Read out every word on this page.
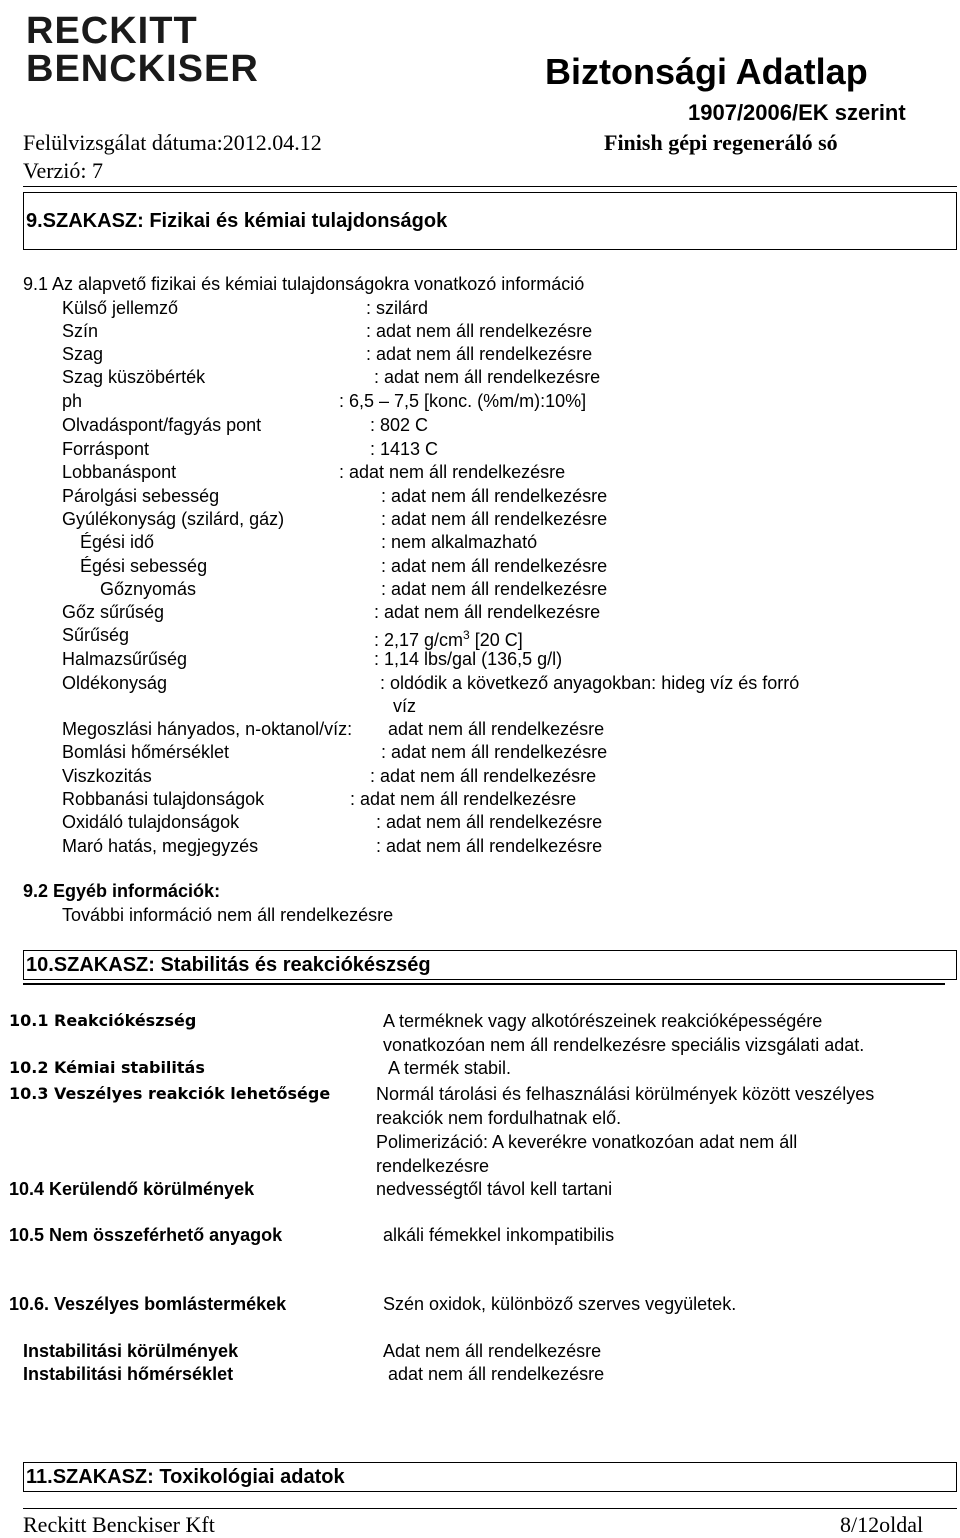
RECKITT
BENCKISER	Biztonsági Adatlap
1907/2006/EK szerint
Felülvizsgálat dátuma:2012.04.12	Finish gépi regeneráló só
Verzió: 7
9.SZAKASZ: Fizikai és kémiai tulajdonságok
9.1 Az alapvető fizikai és kémiai tulajdonságokra vonatkozó információ
Külső jellemző	: szilárd
Szín	: adat nem áll rendelkezésre
Szag	: adat nem áll rendelkezésre
Szag küszöbérték	: adat nem áll rendelkezésre
ph	: 6,5 – 7,5 [konc. (%m/m):10%]
Olvadáspont/fagyás pont	: 802 C
Forráspont	: 1413 C
Lobbanáspont	: adat nem áll rendelkezésre
Párolgási sebesség	: adat nem áll rendelkezésre
Gyúlékonyság (szilárd, gáz)	: adat nem áll rendelkezésre
Égési idő	: nem alkalmazható
Égési sebesség	: adat nem áll rendelkezésre
Gőznyomás	: adat nem áll rendelkezésre
Gőz sűrűség	: adat nem áll rendelkezésre
Sűrűség	: 2,17 $g/cm^3$ [20 C]
Halmazsűrűség	: 1,14 lbs/gal (136,5 g/l)
Oldékonyság	: oldódik a következő anyagokban: hideg víz és forró
víz
Megoszlási hányados, n-oktanol/víz: adat nem áll rendelkezésre
Bomlási hőmérséklet	: adat nem áll rendelkezésre
Viszkozitás	: adat nem áll rendelkezésre
Robbanási tulajdonságok	: adat nem áll rendelkezésre
Oxidáló tulajdonságok	: adat nem áll rendelkezésre
Maró hatás, megjegyzés	: adat nem áll rendelkezésre
9.2 Egyéb információk:
További információ nem áll rendelkezésre
10.SZAKASZ: Stabilitás és reakciókészség
10.1 Reakciókészség	A terméknek vagy alkotórészeinek reakcióképességére
vonatkozóan nem áll rendelkezésre speciális vizsgálati adat.
10.2 Kémiai stabilitás	A termék stabil.
10.3 Veszélyes reakciók lehetősége	Normál tárolási és felhasználási körülmények között veszélyes
reakciók nem fordulhatnak elő.
Polimerizáció: A keverékre vonatkozóan adat nem áll
rendelkezésre
10.4 Kerülendő körülmények	nedvességtől távol kell tartani
10.5 Nem összeférhető anyagok	alkáli fémekkel inkompatibilis
10.6. Veszélyes bomlástermékek	Szén oxidok, különböző szerves vegyületek.
Instabilitási körülmények	Adat nem áll rendelkezésre
Instabilitási hőmérséklet	adat nem áll rendelkezésre
11.SZAKASZ: Toxikológiai adatok
Reckitt Benckiser Kft	8/12oldal
